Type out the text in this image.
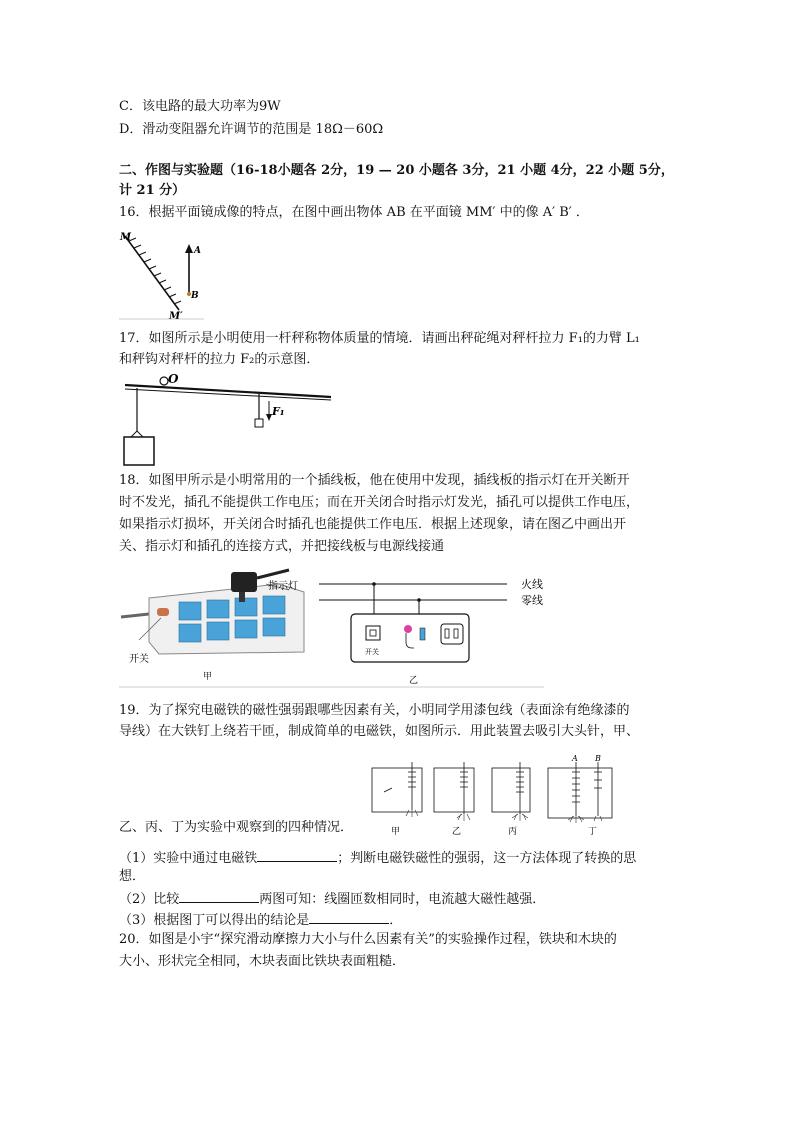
C．该电路的最大功率为9W
D．滑动变阻器允许调节的范围是 18Ω－60Ω
二、作图与实验题（16-18小题各 2分，19 — 20 小题各 3分，21 小题 4分，22 小题 5分，
计 21 分）
16．根据平面镜成像的特点，在图中画出物体 AB 在平面镜 MM′ 中的像 A′ B′ ．
M
M′
A
B
17．如图所示是小明使用一杆秤称物体质量的情境．请画出秤砣绳对秤杆拉力 F₁的力臂 L₁
和秤钩对秤杆的拉力 F₂的示意图．
O
F₁
18．如图甲所示是小明常用的一个插线板，他在使用中发现，插线板的指示灯在开关断开
时不发光，插孔不能提供工作电压；而在开关闭合时指示灯发光，插孔可以提供工作电压，
如果指示灯损坏，开关闭合时插孔也能提供工作电压．根据上述现象，请在图乙中画出开
关、指示灯和插孔的连接方式，并把接线板与电源线接通
指示灯
开关
甲
火线
零线
开关
乙
19．为了探究电磁铁的磁性强弱跟哪些因素有关，小明同学用漆包线（表面涂有绝缘漆的
导线）在大铁钉上绕若干匝，制成简单的电磁铁，如图所示．用此装置去吸引大头针，甲、
甲	乙	丙	丁
A B
乙、丙、丁为实验中观察到的四种情况．
（1）实验中通过电磁铁	；判断电磁铁磁性的强弱，这一方法体现了转换的思
想．
（2）比较	两图可知：线圈匝数相同时，电流越大磁性越强．
（3）根据图丁可以得出的结论是	．
20．如图是小宇“探究滑动摩擦力大小与什么因素有关”的实验操作过程，铁块和木块的
大小、形状完全相同，木块表面比铁块表面粗糙．
